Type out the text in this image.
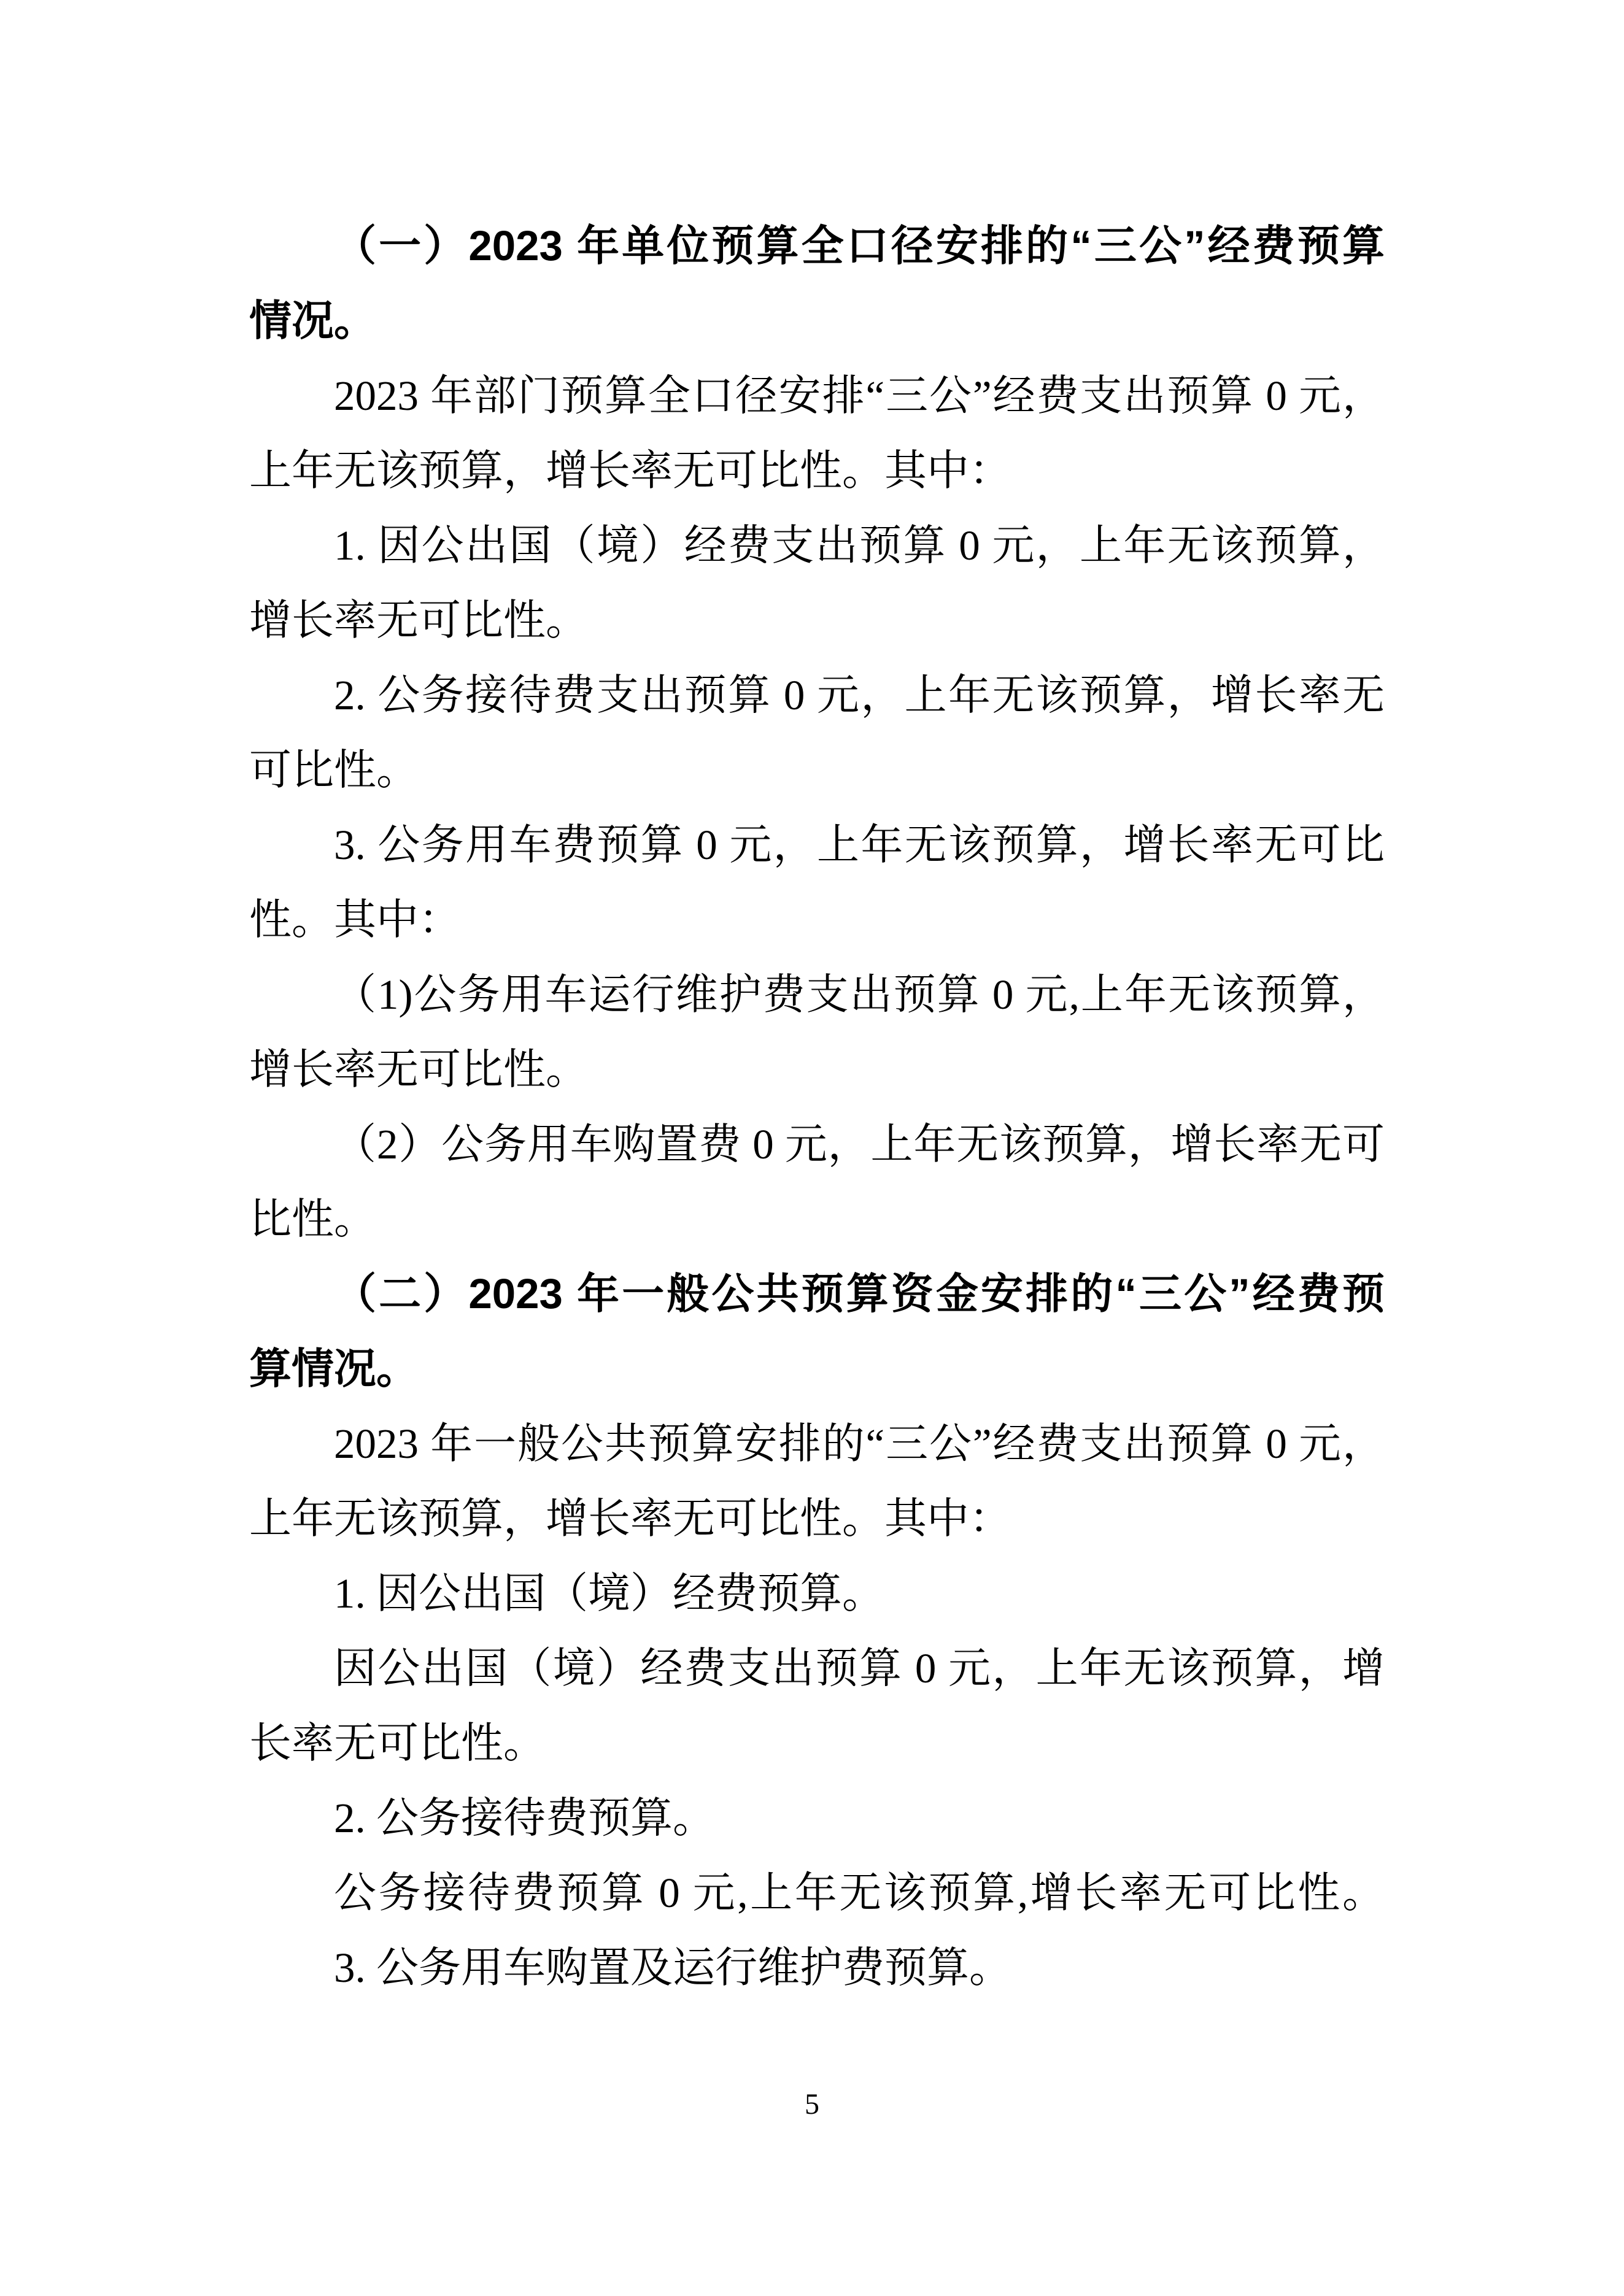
（一）2023 年单位预算全口径安排的“三公”经费预算
情况。
2023 年部门预算全口径安排“三公”经费支出预算 0 元，
上年无该预算，增长率无可比性。其中：
1. 因公出国（境）经费支出预算 0 元，上年无该预算，
增长率无可比性。
2. 公务接待费支出预算 0 元，上年无该预算，增长率无
可比性。
3. 公务用车费预算 0 元，上年无该预算，增长率无可比
性。其中：
（1)公务用车运行维护费支出预算 0 元,上年无该预算，
增长率无可比性。
（2）公务用车购置费 0 元，上年无该预算，增长率无可
比性。
（二）2023 年一般公共预算资金安排的“三公”经费预
算情况。
2023 年一般公共预算安排的“三公”经费支出预算 0 元，
上年无该预算，增长率无可比性。其中：
1. 因公出国（境）经费预算。
因公出国（境）经费支出预算 0 元，上年无该预算，增
长率无可比性。
2. 公务接待费预算。
公务接待费预算 0 元,上年无该预算,增长率无可比性。
3. 公务用车购置及运行维护费预算。
5
